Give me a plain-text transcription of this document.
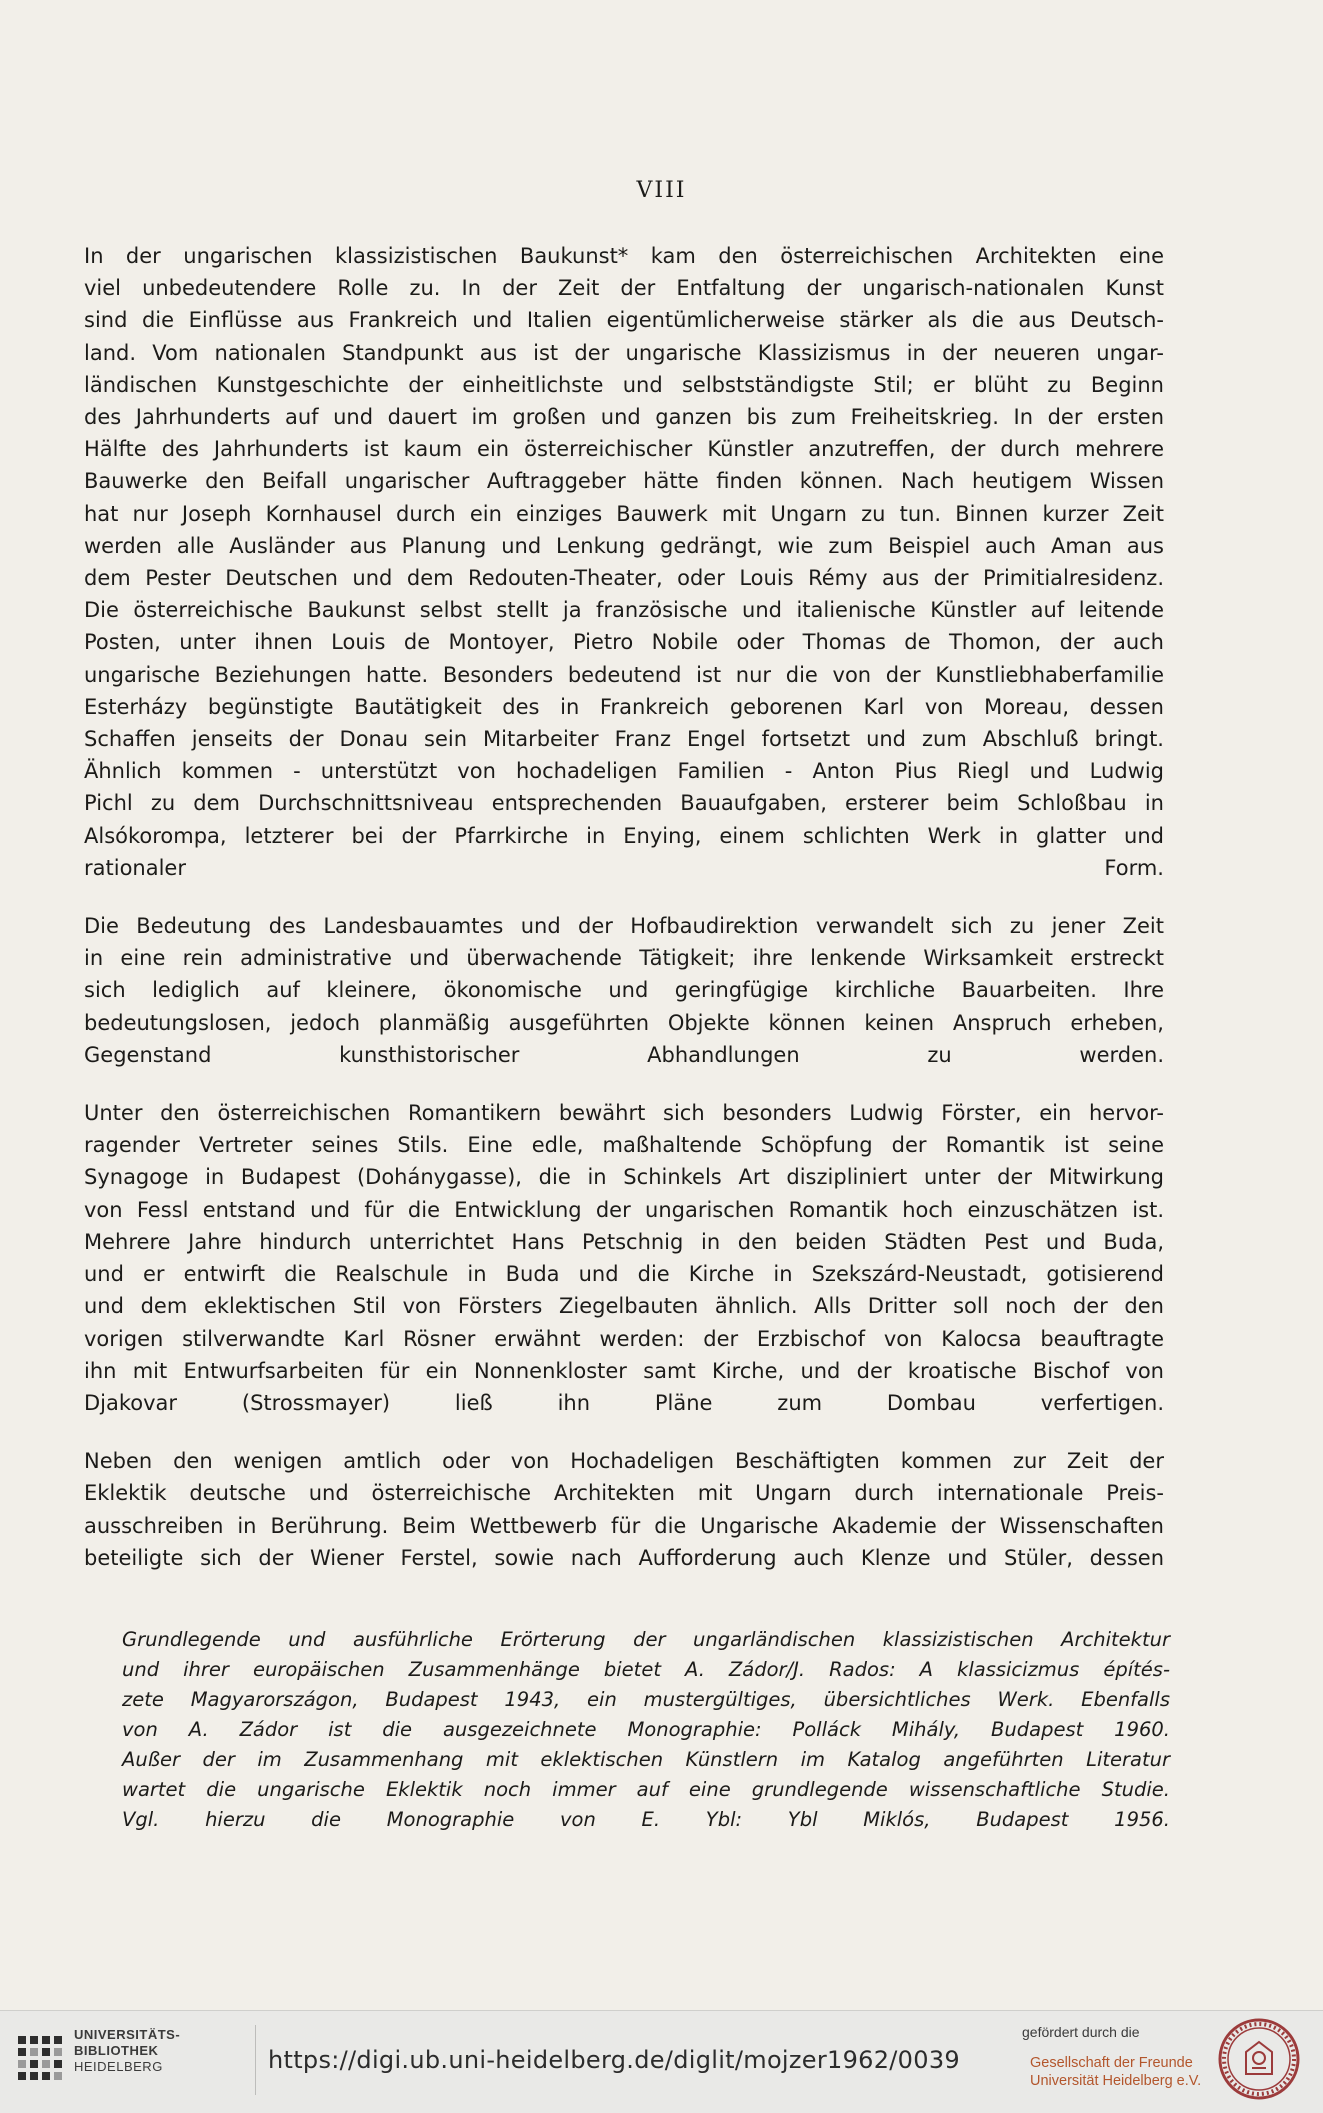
VIII
In der ungarischen klassizistischen Baukunst* kam den österreichischen Architekten eine
viel unbedeutendere Rolle zu. In der Zeit der Entfaltung der ungarisch-nationalen Kunst
sind die Einflüsse aus Frankreich und Italien eigentümlicherweise stärker als die aus Deutsch-
land. Vom nationalen Standpunkt aus ist der ungarische Klassizismus in der neueren ungar-
ländischen Kunstgeschichte der einheitlichste und selbstständigste Stil; er blüht zu Beginn
des Jahrhunderts auf und dauert im großen und ganzen bis zum Freiheitskrieg. In der ersten
Hälfte des Jahrhunderts ist kaum ein österreichischer Künstler anzutreffen, der durch mehrere
Bauwerke den Beifall ungarischer Auftraggeber hätte finden können. Nach heutigem Wissen
hat nur Joseph Kornhausel durch ein einziges Bauwerk mit Ungarn zu tun. Binnen kurzer Zeit
werden alle Ausländer aus Planung und Lenkung gedrängt, wie zum Beispiel auch Aman aus
dem Pester Deutschen und dem Redouten-Theater, oder Louis Rémy aus der Primitialresidenz.
Die österreichische Baukunst selbst stellt ja französische und italienische Künstler auf leitende
Posten, unter ihnen Louis de Montoyer, Pietro Nobile oder Thomas de Thomon, der auch
ungarische Beziehungen hatte. Besonders bedeutend ist nur die von der Kunstliebhaberfamilie
Esterházy begünstigte Bautätigkeit des in Frankreich geborenen Karl von Moreau, dessen
Schaffen jenseits der Donau sein Mitarbeiter Franz Engel fortsetzt und zum Abschluß bringt.
Ähnlich kommen - unterstützt von hochadeligen Familien - Anton Pius Riegl und Ludwig
Pichl zu dem Durchschnittsniveau entsprechenden Bauaufgaben, ersterer beim Schloßbau in
Alsókorompa, letzterer bei der Pfarrkirche in Enying, einem schlichten Werk in glatter und
rationaler Form.
Die Bedeutung des Landesbauamtes und der Hofbaudirektion verwandelt sich zu jener Zeit
in eine rein administrative und überwachende Tätigkeit; ihre lenkende Wirksamkeit erstreckt
sich lediglich auf kleinere, ökonomische und geringfügige kirchliche Bauarbeiten. Ihre
bedeutungslosen, jedoch planmäßig ausgeführten Objekte können keinen Anspruch erheben,
Gegenstand kunsthistorischer Abhandlungen zu werden.
Unter den österreichischen Romantikern bewährt sich besonders Ludwig Förster, ein hervor-
ragender Vertreter seines Stils. Eine edle, maßhaltende Schöpfung der Romantik ist seine
Synagoge in Budapest (Dohánygasse), die in Schinkels Art diszipliniert unter der Mitwirkung
von Fessl entstand und für die Entwicklung der ungarischen Romantik hoch einzuschätzen ist.
Mehrere Jahre hindurch unterrichtet Hans Petschnig in den beiden Städten Pest und Buda,
und er entwirft die Realschule in Buda und die Kirche in Szekszárd-Neustadt, gotisierend
und dem eklektischen Stil von Försters Ziegelbauten ähnlich. Alls Dritter soll noch der den
vorigen stilverwandte Karl Rösner erwähnt werden: der Erzbischof von Kalocsa beauftragte
ihn mit Entwurfsarbeiten für ein Nonnenkloster samt Kirche, und der kroatische Bischof von
Djakovar (Strossmayer) ließ ihn Pläne zum Dombau verfertigen.
Neben den wenigen amtlich oder von Hochadeligen Beschäftigten kommen zur Zeit der
Eklektik deutsche und österreichische Architekten mit Ungarn durch internationale Preis-
ausschreiben in Berührung. Beim Wettbewerb für die Ungarische Akademie der Wissenschaften
beteiligte sich der Wiener Ferstel, sowie nach Aufforderung auch Klenze und Stüler, dessen
Grundlegende und ausführliche Erörterung der ungarländischen klassizistischen Architektur
und ihrer europäischen Zusammenhänge bietet A. Zádor/J. Rados: A klassicizmus építés-
zete Magyarországon, Budapest 1943, ein mustergültiges, übersichtliches Werk. Ebenfalls
von A. Zádor ist die ausgezeichnete Monographie: Polláck Mihály, Budapest 1960.
Außer der im Zusammenhang mit eklektischen Künstlern im Katalog angeführten Literatur
wartet die ungarische Eklektik noch immer auf eine grundlegende wissenschaftliche Studie.
Vgl. hierzu die Monographie von E. Ybl: Ybl Miklós, Budapest 1956.
UNIVERSITÄTS-
BIBLIOTHEK
HEIDELBERG	https://digi.ub.uni-heidelberg.de/diglit/mojzer1962/0039
gefördert durch die
Gesellschaft der Freunde
Universität Heidelberg e.V.
